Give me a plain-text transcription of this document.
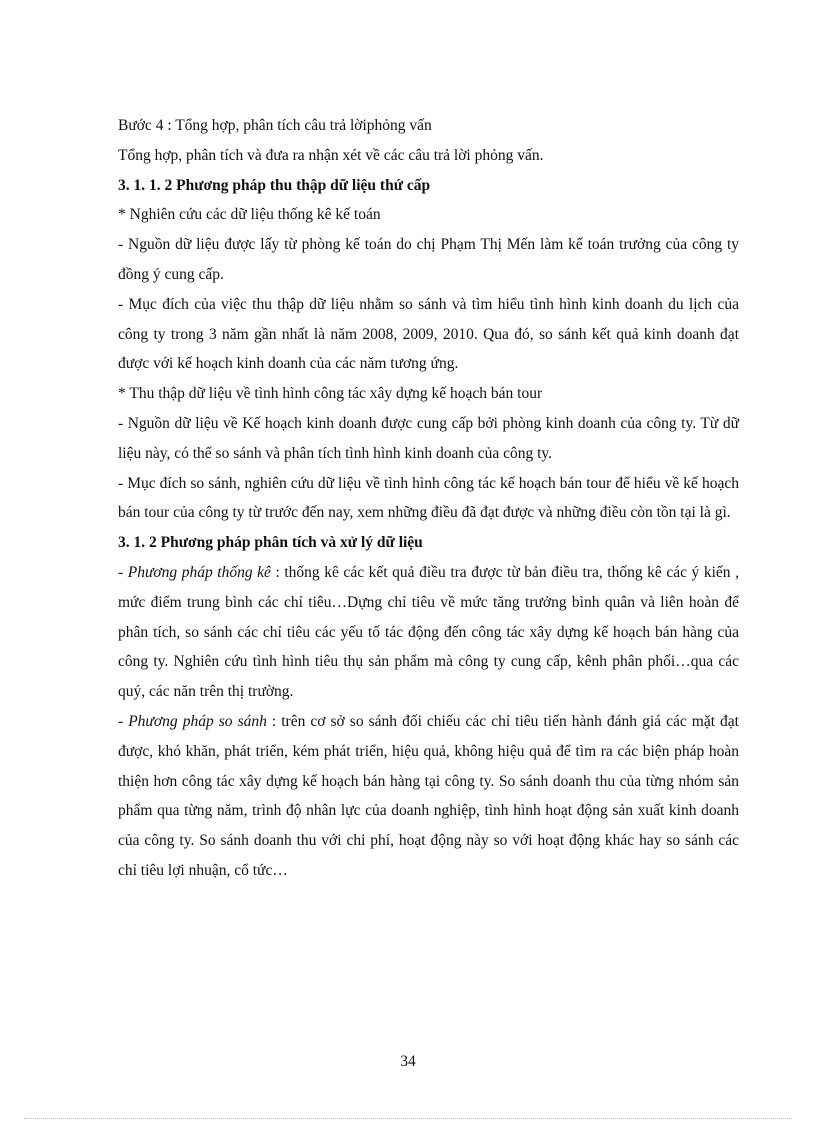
Bước 4 : Tổng hợp, phân tích câu trả lờiphỏng vấn

Tổng hợp, phân tích và đưa ra nhận xét về các câu trả lời phỏng vấn.

3. 1. 1. 2 Phương pháp thu thập dữ liệu thứ cấp

* Nghiên cứu các dữ liệu thống kê kế toán

- Nguồn dữ liệu được lấy từ phòng kế toán do chị Phạm Thị Mến làm kế toán trưởng của công ty đồng ý cung cấp.

- Mục đích của việc thu thập dữ liệu nhằm so sánh và tìm hiểu tình hình kinh doanh du lịch của công ty trong 3 năm gần nhất là năm 2008, 2009, 2010. Qua đó, so sánh kết quả kinh doanh đạt được với kế hoạch kinh doanh của các năm tương ứng.

* Thu thập dữ liệu về tình hình công tác xây dựng kế hoạch bán tour

- Nguồn dữ liệu về Kế hoạch kinh doanh được cung cấp bởi phòng kinh doanh của công ty. Từ dữ liệu này, có thể so sánh và phân tích tình hình kinh doanh của công ty.

- Mục đích so sánh, nghiên cứu dữ liệu về tình hình công tác kế hoạch bán tour để hiểu về kế hoạch bán tour của công ty từ trước đến nay, xem những điều đã đạt được và những điều còn tồn tại là gì.

3. 1. 2 Phương pháp phân tích và xử lý dữ liệu

- Phương pháp thống kê : thống kê các kết quả điều tra được từ bản điều tra, thống kê các ý kiến , mức điểm trung bình các chỉ tiêu…Dựng chỉ tiêu về mức tăng trưởng bình quân và liên hoàn để phân tích, so sánh các chỉ tiêu các yếu tố tác động đến công tác xây dựng kế hoạch bán hàng của công ty. Nghiên cứu tình hình tiêu thụ sản phẩm mà công ty cung cấp, kênh phân phối…qua các quý, các năn trên thị trường.

- Phương pháp so sánh : trên cơ sở so sánh đối chiếu các chỉ tiêu tiến hành đánh giá các mặt đạt được, khó khăn, phát triển, kém phát triển, hiệu quả, không hiệu quả để tìm ra các biện pháp hoàn thiện hơn công tác xây dựng kế hoạch bán hàng tại công ty. So sánh doanh thu của từng nhóm sản phẩm qua từng năm, trình độ nhân lực của doanh nghiệp, tình hình hoạt động sản xuất kinh doanh của công ty. So sánh doanh thu với chi phí, hoạt động này so với hoạt động khác hay so sánh các chỉ tiêu lợi nhuận, cổ tức…

34
